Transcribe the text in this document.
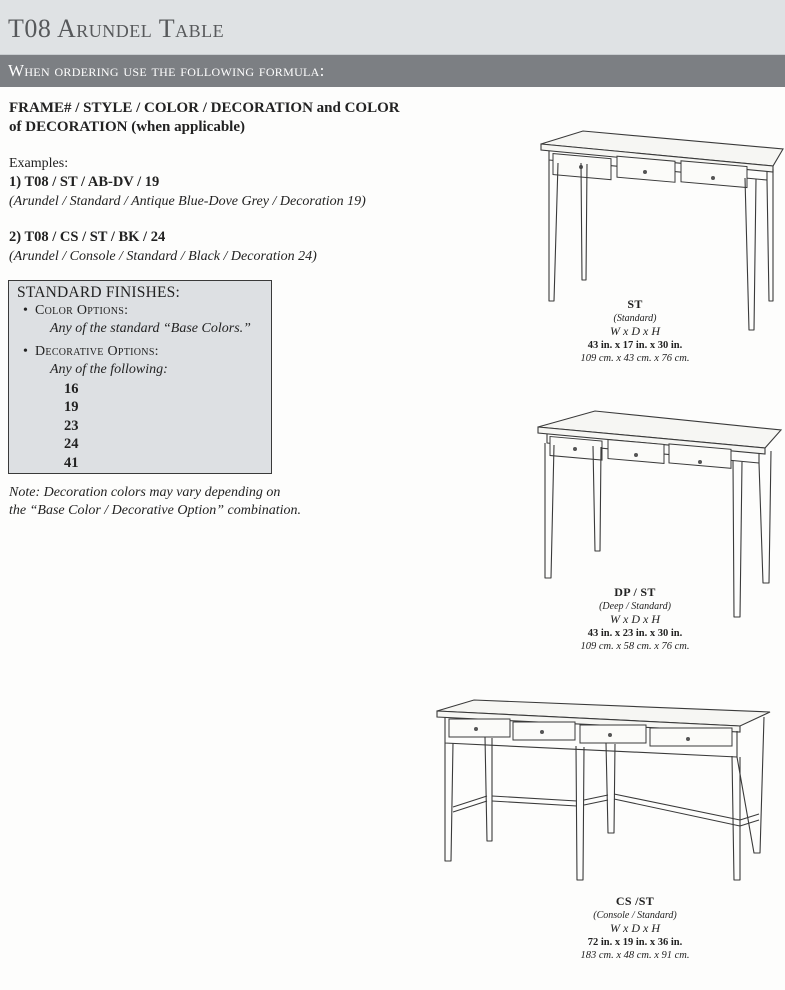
T08 Arundel Table
When ordering use the following formula:
FRAME# / STYLE / COLOR / DECORATION and COLOR
of DECORATION (when applicable)
Examples:
1) T08 / ST / AB-DV / 19
(Arundel / Standard / Antique Blue-Dove Grey / Decoration 19)
2) T08 / CS / ST / BK / 24
(Arundel / Console / Standard / Black / Decoration 24)
STANDARD FINISHES:
• Color Options:
Any of the standard “Base Colors.”
• Decorative Options:
Any of the following:
16
19
23
24
41
Note: Decoration colors may vary depending on
the “Base Color / Decorative Option” combination.
ST
(Standard)
W x D x H
43 in. x 17 in. x 30 in.
109 cm. x 43 cm. x 76 cm.
DP / ST
(Deep / Standard)
W x D x H
43 in. x 23 in. x 30 in.
109 cm. x 58 cm. x 76 cm.
CS /ST
(Console / Standard)
W x D x H
72 in. x 19 in. x 36 in.
183 cm. x 48 cm. x 91 cm.
